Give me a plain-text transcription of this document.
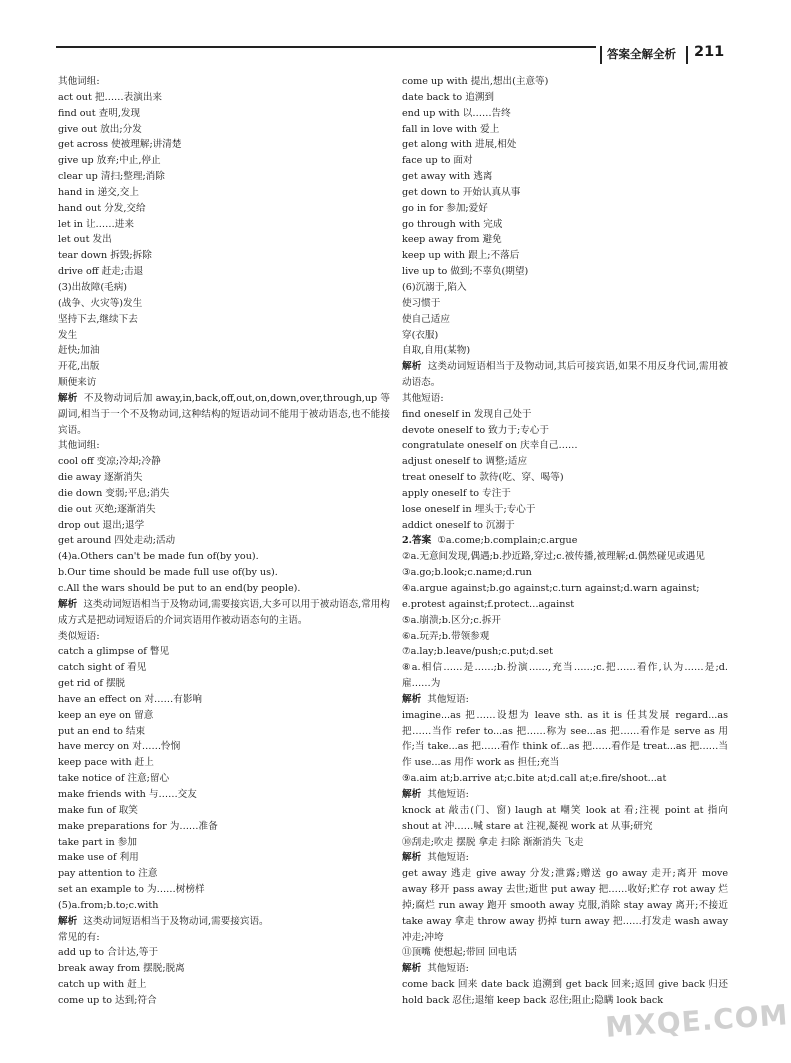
答案全解全析 211
其他词组:
act out 把……表演出来
find out 查明,发现
give out 放出;分发
get across 使被理解;讲清楚
give up 放弃;中止,停止
clear up 清扫;整理;消除
hand in 递交,交上
hand out 分发,交给
let in 让……进来
let out 发出
tear down 拆毁;拆除
drive off 赶走;击退
(3)出故障(毛病)
(战争、火灾等)发生
坚持下去,继续下去
发生
赶快;加油
开花,出版
顺便来访
解析 不及物动词后加 away,in,back,off,out,on,down,over,through,up 等副词,相当于一个不及物动词,这种结构的短语动词不能用于被动语态,也不能接宾语。
其他词组:
cool off 变凉;冷却;冷静
die away 逐渐消失
die down 变弱;平息;消失
die out 灭绝;逐渐消失
drop out 退出;退学
get around 四处走动;活动
(4)a.Others can't be made fun of(by you).
b.Our time should be made full use of(by us).
c.All the wars should be put to an end(by people).
解析 这类动词短语相当于及物动词,需要接宾语,大多可以用于被动语态,常用构成方式是把动词短语后的介词宾语用作被动语态句的主语。
类似短语:
catch a glimpse of 瞥见
catch sight of 看见
get rid of 摆脱
have an effect on 对……有影响
keep an eye on 留意
put an end to 结束
have mercy on 对……怜悯
keep pace with 赶上
take notice of 注意;留心
make friends with 与……交友
make fun of 取笑
make preparations for 为……准备
take part in 参加
make use of 利用
pay attention to 注意
set an example to 为……树榜样
(5)a.from;b.to;c.with
解析 这类动词短语相当于及物动词,需要接宾语。
常见的有:
add up to 合计达,等于
break away from 摆脱;脱离
catch up with 赶上
come up to 达到;符合
come up with 提出,想出(主意等)
date back to 追溯到
end up with 以……告终
fall in love with 爱上
get along with 进展,相处
face up to 面对
get away with 逃离
get down to 开始认真从事
go in for 参加;爱好
go through with 完成
keep away from 避免
keep up with 跟上;不落后
live up to 做到;不辜负(期望)
(6)沉溺于,陷入
使习惯于
使自己适应
穿(衣服)
自取,自用(某物)
解析 这类动词短语相当于及物动词,其后可接宾语,如果不用反身代词,需用被动语态。
其他短语:
find oneself in 发现自己处于
devote oneself to 致力于;专心于
congratulate oneself on 庆幸自己……
adjust oneself to 调整;适应
treat oneself to 款待(吃、穿、喝等)
apply oneself to 专注于
lose oneself in 埋头于;专心于
addict oneself to 沉溺于
2.答案 ①a.come;b.complain;c.argue
②a.无意间发现,偶遇;b.抄近路,穿过;c.被传播,被理解;d.偶然碰见或遇见
③a.go;b.look;c.name;d.run
④a.argue against;b.go against;c.turn against;d.warn against;
e.protest against;f.protect…against
⑤a.崩溃;b.区分;c.拆开
⑥a.玩弄;b.带领参观
⑦a.lay;b.leave/push;c.put;d.set
⑧a.相信……是……;b.扮演……,充当……;c.把……看作,认为……是;d.雇……为
解析 其他短语:
imagine...as 把……设想为 leave sth. as it is 任其发展 regard...as 把……当作 refer to...as 把……称为 see...as 把……看作是 serve as 用作;当 take...as 把……看作 think of...as 把……看作是 treat...as 把……当作 use...as 用作 work as 担任;充当
⑨a.aim at;b.arrive at;c.bite at;d.call at;e.fire/shoot...at
解析 其他短语:
knock at 敲击(门、窗) laugh at 嘲笑 look at 看;注视 point at 指向 shout at 冲……喊 stare at 注视,凝视 work at 从事;研究
⑩刮走;吹走 摆脱 拿走 扫除 渐渐消失 飞走
解析 其他短语:
get away 逃走 give away 分发;泄露;赠送 go away 走开;离开 move away 移开 pass away 去世;逝世 put away 把……收好;贮存 rot away 烂掉;腐烂 run away 跑开 smooth away 克服,消除 stay away 离开;不接近 take away 拿走 throw away 扔掉 turn away 把……打发走 wash away 冲走;冲垮
⑪顶嘴 使想起;带回 回电话
解析 其他短语:
come back 回来 date back 追溯到 get back 回来;返回 give back 归还 hold back 忍住;退缩 keep back 忍住;阻止;隐瞒 look back
MXQE.COM
